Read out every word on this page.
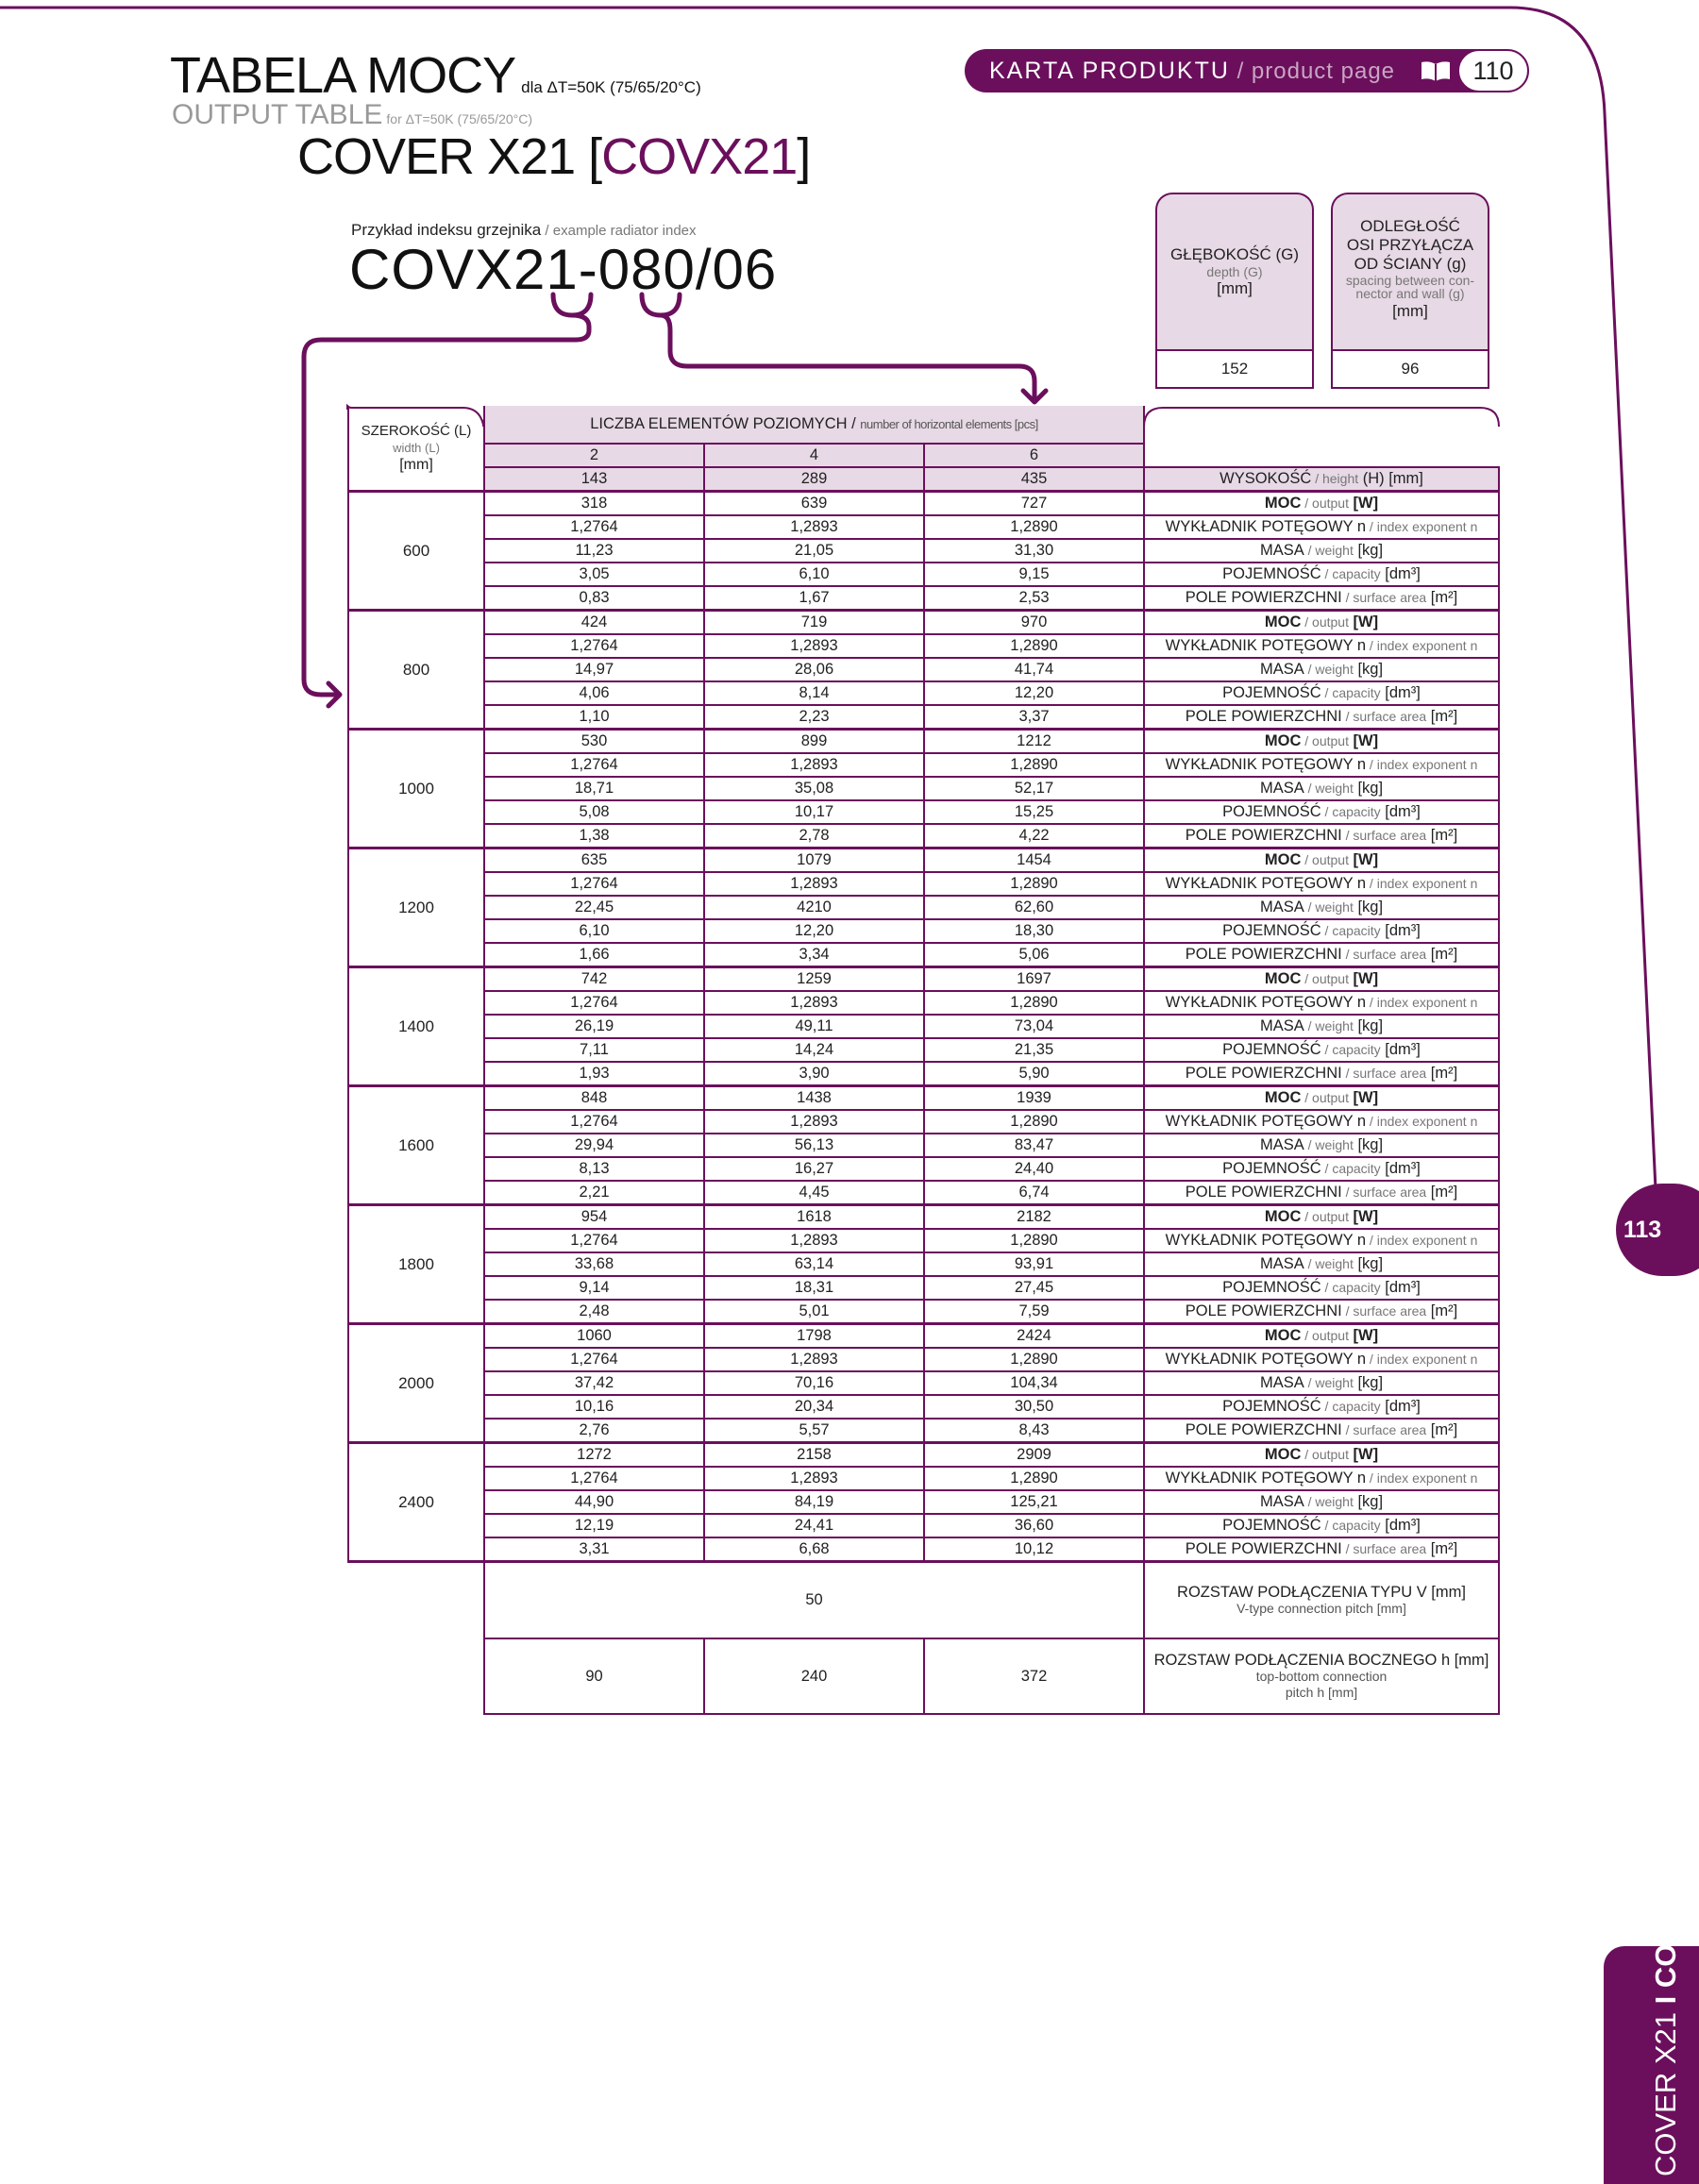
TABELA MOCY dla ΔT=50K (75/65/20°C)
OUTPUT TABLE for ΔT=50K (75/65/20°C)
COVER X21 [COVX21]
KARTA PRODUKTU / product page	110
Przykład indeksu grzejnika / example radiator index
COVX21-080/06	GŁĘBOKOŚĆ (G)
depth (G)
[mm]
152
ODLEGŁOŚĆ
OSI PRZYŁĄCZA
OD ŚCIANY (g)
spacing between con-
nector and wall (g)
[mm]
96
SZEROKOŚĆ (L)
width (L)
[mm]	LICZBA ELEMENTÓW POZIOMYCH / number of horizontal elements [pcs]			
	2	4	6	
	143	289	435	WYSOKOŚĆ / height (H) [mm]
600	318	639	727	MOC / output [W]
	1,2764	1,2893	1,2890	WYKŁADNIK POTĘGOWY n / index exponent n
	11,23	21,05	31,30	MASA / weight [kg]
	3,05	6,10	9,15	POJEMNOŚĆ / capacity [dm³]
	0,83	1,67	2,53	POLE POWIERZCHNI / surface area [m²]
800	424	719	970	MOC / output [W]
	1,2764	1,2893	1,2890	WYKŁADNIK POTĘGOWY n / index exponent n
	14,97	28,06	41,74	MASA / weight [kg]
	4,06	8,14	12,20	POJEMNOŚĆ / capacity [dm³]
	1,10	2,23	3,37	POLE POWIERZCHNI / surface area [m²]
1000	530	899	1212	MOC / output [W]
	1,2764	1,2893	1,2890	WYKŁADNIK POTĘGOWY n / index exponent n
	18,71	35,08	52,17	MASA / weight [kg]
	5,08	10,17	15,25	POJEMNOŚĆ / capacity [dm³]
	1,38	2,78	4,22	POLE POWIERZCHNI / surface area [m²]
1200	635	1079	1454	MOC / output [W]
	1,2764	1,2893	1,2890	WYKŁADNIK POTĘGOWY n / index exponent n
	22,45	4210	62,60	MASA / weight [kg]
	6,10	12,20	18,30	POJEMNOŚĆ / capacity [dm³]
	1,66	3,34	5,06	POLE POWIERZCHNI / surface area [m²]
1400	742	1259	1697	MOC / output [W]
	1,2764	1,2893	1,2890	WYKŁADNIK POTĘGOWY n / index exponent n
	26,19	49,11	73,04	MASA / weight [kg]
	7,11	14,24	21,35	POJEMNOŚĆ / capacity [dm³]
	1,93	3,90	5,90	POLE POWIERZCHNI / surface area [m²]
1600	848	1438	1939	MOC / output [W]
	1,2764	1,2893	1,2890	WYKŁADNIK POTĘGOWY n / index exponent n
	29,94	56,13	83,47	MASA / weight [kg]
	8,13	16,27	24,40	POJEMNOŚĆ / capacity [dm³]
	2,21	4,45	6,74	POLE POWIERZCHNI / surface area [m²]
1800	954	1618	2182	MOC / output [W]
	1,2764	1,2893	1,2890	WYKŁADNIK POTĘGOWY n / index exponent n
	33,68	63,14	93,91	MASA / weight [kg]
	9,14	18,31	27,45	POJEMNOŚĆ / capacity [dm³]
	2,48	5,01	7,59	POLE POWIERZCHNI / surface area [m²]
2000	1060	1798	2424	MOC / output [W]
	1,2764	1,2893	1,2890	WYKŁADNIK POTĘGOWY n / index exponent n
	37,42	70,16	104,34	MASA / weight [kg]
	10,16	20,34	30,50	POJEMNOŚĆ / capacity [dm³]
	2,76	5,57	8,43	POLE POWIERZCHNI / surface area [m²]
2400	1272	2158	2909	MOC / output [W]
	1,2764	1,2893	1,2890	WYKŁADNIK POTĘGOWY n / index exponent n
	44,90	84,19	125,21	MASA / weight [kg]
	12,19	24,41	36,60	POJEMNOŚĆ / capacity [dm³]
	3,31	6,68	10,12	POLE POWIERZCHNI / surface area [m²]
	50			ROZSTAW PODŁĄCZENIA TYPU V [mm]
V-type connection pitch [mm]

	90	240	372	ROZSTAW PODŁĄCZENIA BOCZNEGO h [mm]
top-bottom connection
pitch h [mm]
113
COVER X21 I COVX21
